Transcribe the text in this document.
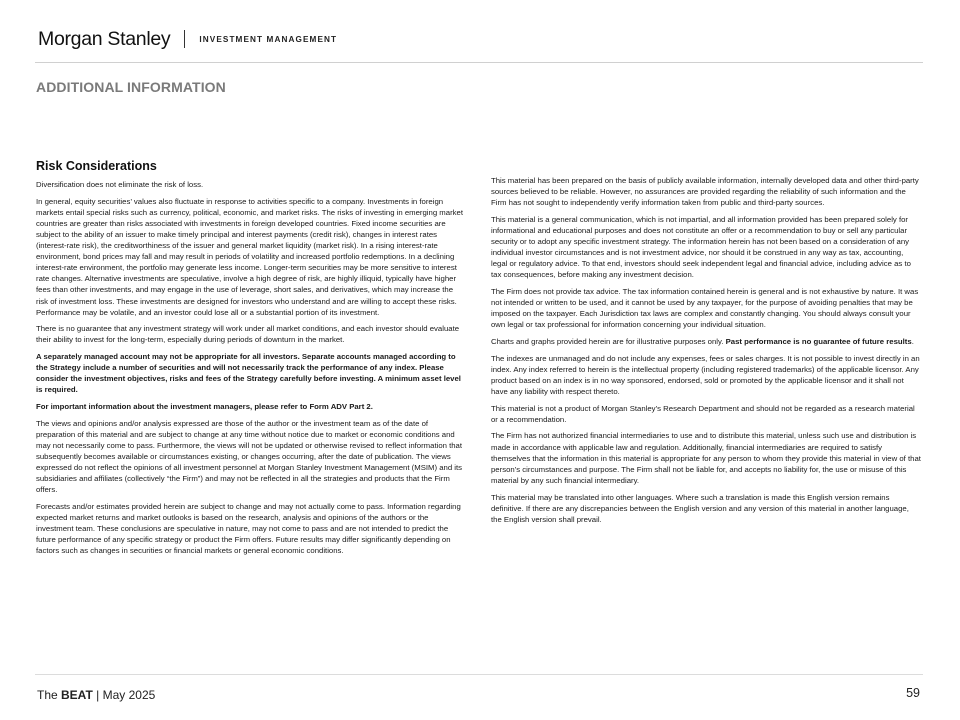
Morgan Stanley	INVESTMENT MANAGEMENT
ADDITIONAL INFORMATION
Risk Considerations

Diversification does not eliminate the risk of loss.

In general, equity securities’ values also fluctuate in response to activities specific to a company. Investments in foreign markets entail special risks such as currency, political, economic, and market risks. The risks of investing in emerging market countries are greater than risks associated with investments in foreign developed countries. Fixed income securities are subject to the ability of an issuer to make timely principal and interest payments (credit risk), changes in interest rates (interest-rate risk), the creditworthiness of the issuer and general market liquidity (market risk). In a rising interest-rate environment, bond prices may fall and may result in periods of volatility and increased portfolio redemptions. In a declining interest-rate environment, the portfolio may generate less income. Longer-term securities may be more sensitive to interest rate changes. Alternative investments are speculative, involve a high degree of risk, are highly illiquid, typically have higher fees than other investments, and may engage in the use of leverage, short sales, and derivatives, which may increase the risk of investment loss. These investments are designed for investors who understand and are willing to accept these risks. Performance may be volatile, and an investor could lose all or a substantial portion of its investment.

There is no guarantee that any investment strategy will work under all market conditions, and each investor should evaluate their ability to invest for the long-term, especially during periods of downturn in the market.

A separately managed account may not be appropriate for all investors. Separate accounts managed according to the Strategy include a number of securities and will not necessarily track the performance of any index. Please consider the investment objectives, risks and fees of the Strategy carefully before investing. A minimum asset level is required.

For important information about the investment managers, please refer to Form ADV Part 2.

The views and opinions and/or analysis expressed are those of the author or the investment team as of the date of preparation of this material and are subject to change at any time without notice due to market or economic conditions and may not necessarily come to pass. Furthermore, the views will not be updated or otherwise revised to reflect information that subsequently becomes available or circumstances existing, or changes occurring, after the date of publication. The views expressed do not reflect the opinions of all investment personnel at Morgan Stanley Investment Management (MSIM) and its subsidiaries and affiliates (collectively “the Firm”) and may not be reflected in all the strategies and products that the Firm offers.

Forecasts and/or estimates provided herein are subject to change and may not actually come to pass. Information regarding expected market returns and market outlooks is based on the research, analysis and opinions of the authors or the investment team. These conclusions are speculative in nature, may not come to pass and are not intended to predict the future performance of any specific strategy or product the Firm offers. Future results may differ significantly depending on factors such as changes in securities or financial markets or general economic conditions.

This material has been prepared on the basis of publicly available information, internally developed data and other third-party sources believed to be reliable. However, no assurances are provided regarding the reliability of such information and the Firm has not sought to independently verify information taken from public and third-party sources.

This material is a general communication, which is not impartial, and all information provided has been prepared solely for informational and educational purposes and does not constitute an offer or a recommendation to buy or sell any particular security or to adopt any specific investment strategy. The information herein has not been based on a consideration of any individual investor circumstances and is not investment advice, nor should it be construed in any way as tax, accounting, legal or regulatory advice. To that end, investors should seek independent legal and financial advice, including advice as to tax consequences, before making any investment decision.

The Firm does not provide tax advice. The tax information contained herein is general and is not exhaustive by nature. It was not intended or written to be used, and it cannot be used by any taxpayer, for the purpose of avoiding penalties that may be imposed on the taxpayer. Each Jurisdiction tax laws are complex and constantly changing. You should always consult your own legal or tax professional for information concerning your individual situation.

Charts and graphs provided herein are for illustrative purposes only. Past performance is no guarantee of future results.

The indexes are unmanaged and do not include any expenses, fees or sales charges. It is not possible to invest directly in an index. Any index referred to herein is the intellectual property (including registered trademarks) of the applicable licensor. Any product based on an index is in no way sponsored, endorsed, sold or promoted by the applicable licensor and it shall not have any liability with respect thereto.

This material is not a product of Morgan Stanley’s Research Department and should not be regarded as a research material or a recommendation.

The Firm has not authorized financial intermediaries to use and to distribute this material, unless such use and distribution is made in accordance with applicable law and regulation. Additionally, financial intermediaries are required to satisfy themselves that the information in this material is appropriate for any person to whom they provide this material in view of that person’s circumstances and purpose. The Firm shall not be liable for, and accepts no liability for, the use or misuse of this material by any such financial intermediary.

This material may be translated into other languages. Where such a translation is made this English version remains definitive. If there are any discrepancies between the English version and any version of this material in another language, the English version shall prevail.

The BEAT | May 2025	59
